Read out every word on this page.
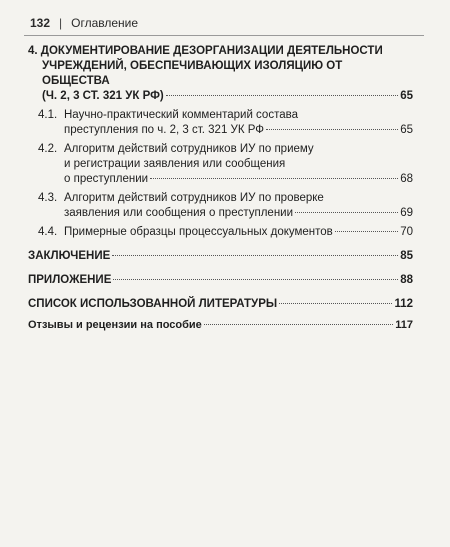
132 | Оглавление
4. ДОКУМЕНТИРОВАНИЕ ДЕЗОРГАНИЗАЦИИ ДЕЯТЕЛЬНОСТИ
УЧРЕЖДЕНИЙ, ОБЕСПЕЧИВАЮЩИХ ИЗОЛЯЦИЮ ОТ ОБЩЕСТВА
(Ч. 2, 3 СТ. 321 УК РФ)	65
4.1. Научно-практический комментарий состава
преступления по ч. 2, 3 ст. 321 УК РФ	65
4.2. Алгоритм действий сотрудников ИУ по приему
и регистрации заявления или сообщения
о преступлении	68
4.3. Алгоритм действий сотрудников ИУ по проверке
заявления или сообщения о преступлении	69
4.4. Примерные образцы процессуальных документов	70
ЗАКЛЮЧЕНИЕ	85
ПРИЛОЖЕНИЕ	88
СПИСОК ИСПОЛЬЗОВАННОЙ ЛИТЕРАТУРЫ	112
Отзывы и рецензии на пособие	117
